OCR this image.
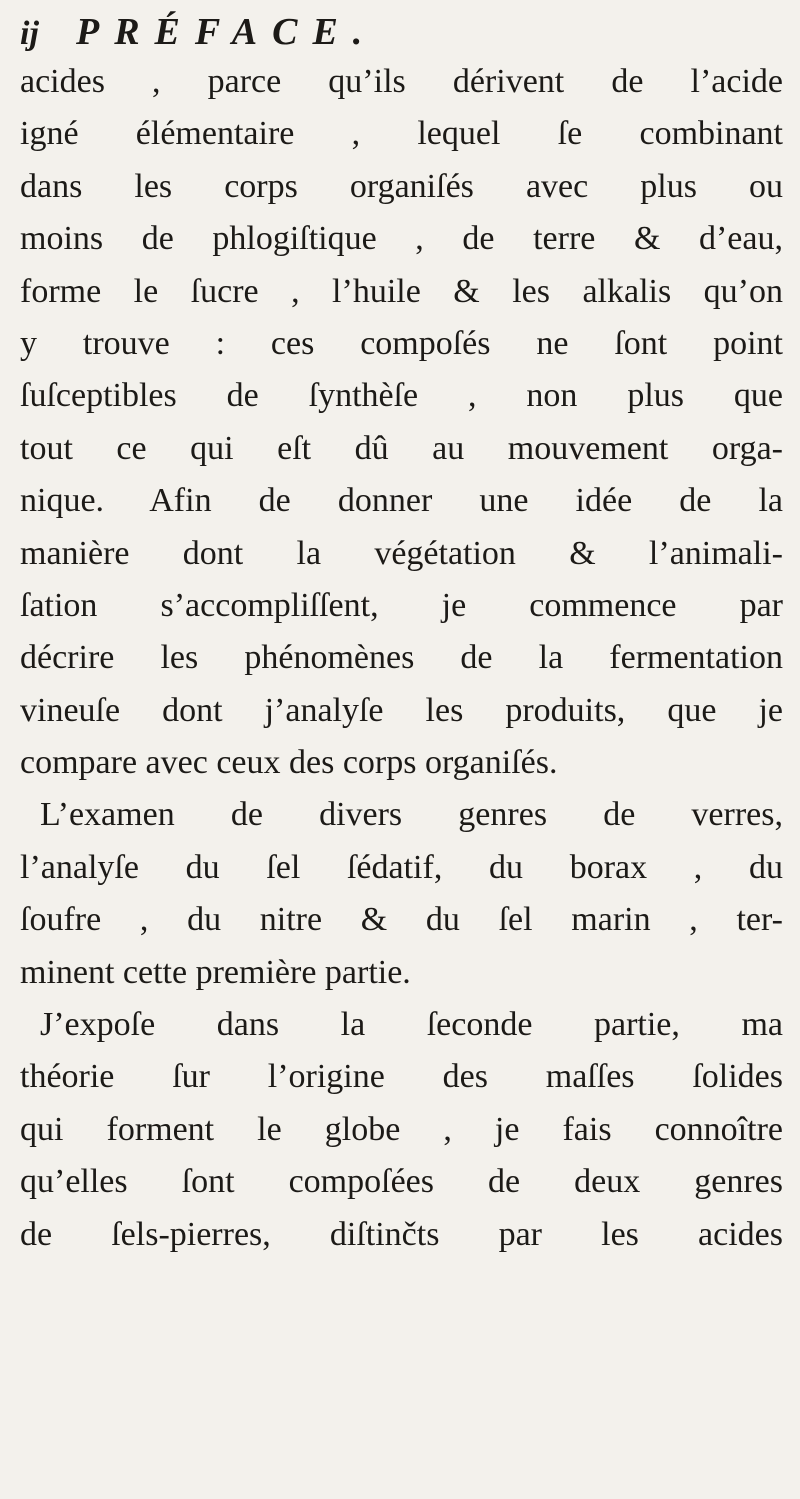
ij PRÉFACE.
acides , parce qu’ils dérivent de l’acide
igné élémentaire , lequel ſe combinant
dans les corps organiſés avec plus ou
moins de phlogiſtique , de terre & d’eau,
forme le ſucre , l’huile & les alkalis qu’on
y trouve : ces compoſés ne ſont point
ſuſceptibles de ſynthèſe , non plus que
tout ce qui eſt dû au mouvement orga-
nique. Afin de donner une idée de la
manière dont la végétation & l’animali-
ſation s’accompliſſent, je commence par
décrire les phénomènes de la fermentation
vineuſe dont j’analyſe les produits, que je
compare avec ceux des corps organiſés.
L’examen de divers genres de verres,
l’analyſe du ſel ſédatif, du borax , du
ſoufre , du nitre & du ſel marin , ter-
minent cette première partie.
J’expoſe dans la ſeconde partie, ma
théorie ſur l’origine des maſſes ſolides
qui forment le globe , je fais connoître
qu’elles ſont compoſées de deux genres
de ſels-pierres, diſtinčts par les acides
